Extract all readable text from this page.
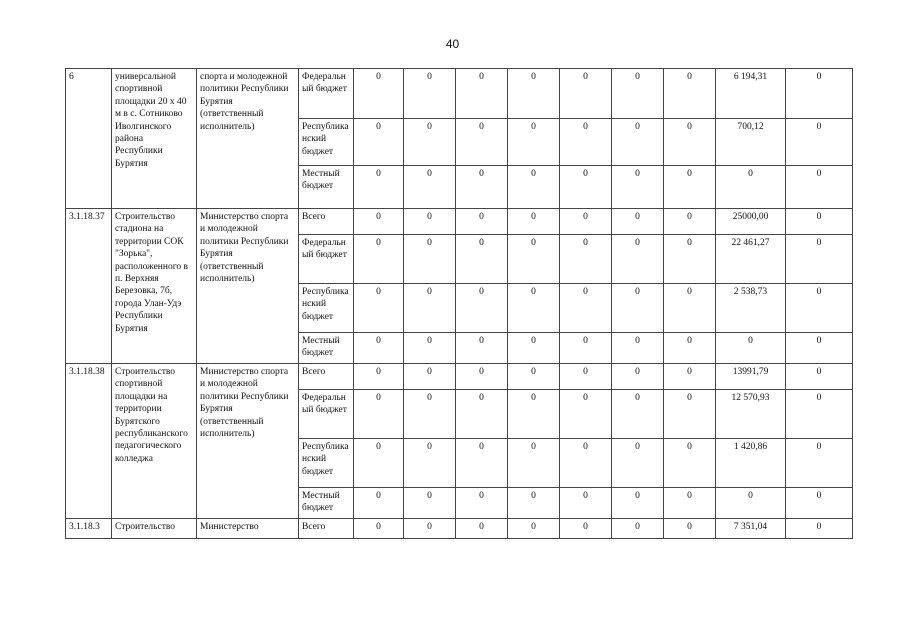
40
6	универсальной спортивной площадки 20 х 40 м в с. Сотниково Иволгинского района Республики Бурятия	спорта и молодежной политики Республики Бурятия (ответственный исполнитель)	Федеральный бюджет	0	0	0	0	0	0	0	6 194,31	0
			Республиканский бюджет	0	0	0	0	0	0	0	700,12	0
			Местный бюджет	0	0	0	0	0	0	0	0	0
3.1.18.37	Строительство стадиона на территории СОК "Зорька", расположенного в п. Верхняя Березовка, 7б, города Улан-Удэ Республики Бурятия	Министерство спорта и молодежной политики Республики Бурятия (ответственный исполнитель)	Всего	0	0	0	0	0	0	0	25000,00	0
			Федеральный бюджет	0	0	0	0	0	0	0	22 461,27	0
			Республиканский бюджет	0	0	0	0	0	0	0	2 538,73	0
			Местный бюджет	0	0	0	0	0	0	0	0	0
3.1.18.38	Строительство спортивной площадки на территории Бурятского республиканского педагогического колледжа	Министерство спорта и молодежной политики Республики Бурятия (ответственный исполнитель)	Всего	0	0	0	0	0	0	0	13991,79	0
			Федеральный бюджет	0	0	0	0	0	0	0	12 570,93	0
			Республиканский бюджет	0	0	0	0	0	0	0	1 420,86	0
			Местный бюджет	0	0	0	0	0	0	0	0	0
3.1.18.3	Строительство	Министерство	Всего	0	0	0	0	0	0	0	7 351,04	0
